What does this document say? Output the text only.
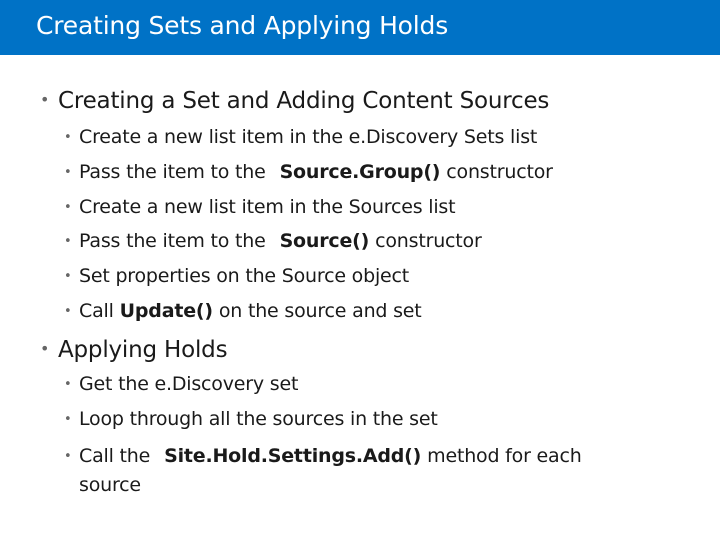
Creating Sets and Applying Holds
• Creating a Set and Adding Content Sources
• Create a new list item in the e.Discovery Sets list
• Pass the item to the Source.Group() constructor
• Create a new list item in the Sources list
• Pass the item to the Source() constructor
• Set properties on the Source object
• Call Update() on the source and set
• Applying Holds
• Get the e.Discovery set
• Loop through all the sources in the set
• Call the Site.Hold.Settings.Add() method for each
source
